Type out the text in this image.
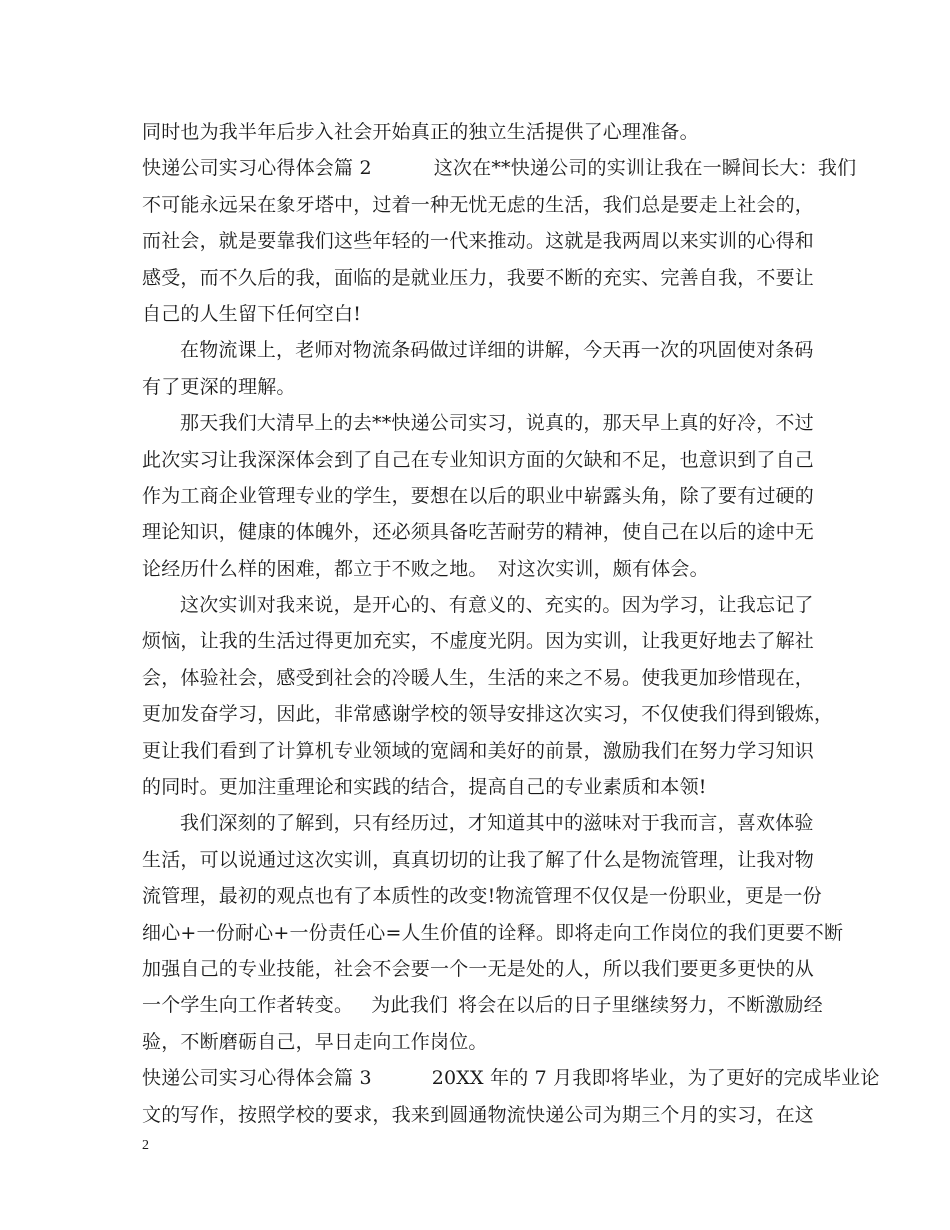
同时也为我半年后步入社会开始真正的独立生活提供了心理准备。
快递公司实习心得体会篇 2	这次在**快递公司的实训让我在一瞬间长大：我们
不可能永远呆在象牙塔中，过着一种无忧无虑的生活，我们总是要走上社会的，
而社会，就是要靠我们这些年轻的一代来推动。这就是我两周以来实训的心得和
感受，而不久后的我，面临的是就业压力，我要不断的充实、完善自我，不要让
自己的人生留下任何空白!
在物流课上，老师对物流条码做过详细的讲解，今天再一次的巩固使对条码
有了更深的理解。
那天我们大清早上的去**快递公司实习，说真的，那天早上真的好冷，不过
此次实习让我深深体会到了自己在专业知识方面的欠缺和不足，也意识到了自己
作为工商企业管理专业的学生，要想在以后的职业中崭露头角，除了要有过硬的
理论知识，健康的体魄外，还必须具备吃苦耐劳的精神，使自己在以后的途中无
论经历什么样的困难，都立于不败之地。 对这次实训，颇有体会。
这次实训对我来说，是开心的、有意义的、充实的。因为学习，让我忘记了
烦恼，让我的生活过得更加充实，不虚度光阴。因为实训，让我更好地去了解社
会，体验社会，感受到社会的冷暖人生，生活的来之不易。使我更加珍惜现在，
更加发奋学习，因此，非常感谢学校的领导安排这次实习，不仅使我们得到锻炼，
更让我们看到了计算机专业领域的宽阔和美好的前景，激励我们在努力学习知识
的同时。更加注重理论和实践的结合，提高自己的专业素质和本领!
我们深刻的了解到，只有经历过，才知道其中的滋味对于我而言，喜欢体验
生活，可以说通过这次实训，真真切切的让我了解了什么是物流管理，让我对物
流管理，最初的观点也有了本质性的改变!物流管理不仅仅是一份职业，更是一份
细心+一份耐心+一份责任心=人生价值的诠释。即将走向工作岗位的我们更要不断
加强自己的专业技能，社会不会要一个一无是处的人，所以我们要更多更快的从
一个学生向工作者转变。 为此我们 将会在以后的日子里继续努力，不断激励经
验，不断磨砺自己，早日走向工作岗位。
快递公司实习心得体会篇 3	20XX 年的 7 月我即将毕业，为了更好的完成毕业论
文的写作，按照学校的要求，我来到圆通物流快递公司为期三个月的实习，在这
2
